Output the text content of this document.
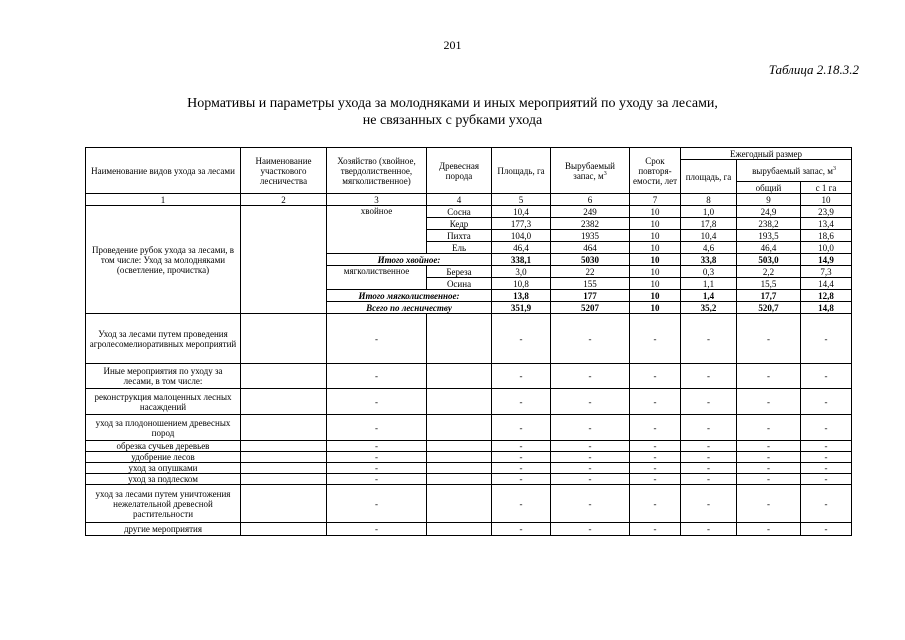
201
Таблица 2.18.3.2
Нормативы и параметры ухода за молодняками и иных мероприятий по уходу за лесами,
не связанных с рубками ухода
Наименование видов ухода за лесами	Наименование участкового лесничества	Хозяйство (хвойное, твердолиственное, мягколиственное)	Древесная порода	Площадь, га	Вырубаемый запас, $м^3$	Срок повторя-емости, лет	Ежегодный размер		
							площадь, га	вырубаемый запас, $м^3$
								общий	с 1 га
1	2	3	4	5	6	7	8	9	10
Проведение рубок ухода за лесами, в том числе: Уход за молодняками (осветление, прочистка)		хвойное	Сосна	10,4	249	10	1,0	24,9	23,9
			Кедр	177,3	2382	10	17,8	238,2	13,4
			Пихта	104,0	1935	10	10,4	193,5	18,6
			Ель	46,4	464	10	4,6	46,4	10,0
		Итого хвойное:		338,1	5030	10	33,8	503,0	14,9
		мягколиственное	Береза	3,0	22	10	0,3	2,2	7,3
			Осина	10,8	155	10	1,1	15,5	14,4
		Итого мягколиственное:		13,8	177	10	1,4	17,7	12,8
		Всего по лесничеству		351,9	5207	10	35,2	520,7	14,8
Уход за лесами путем проведения агролесомелиоративных мероприятий		-		-	-	-	-	-	-
Иные мероприятия по уходу за лесами, в том числе:		-		-	-	-	-	-	-
реконструкция малоценных лесных насаждений		-		-	-	-	-	-	-
уход за плодоношением древесных пород		-		-	-	-	-	-	-
обрезка сучьев деревьев		-		-	-	-	-	-	-
удобрение лесов		-		-	-	-	-	-	-
уход за опушками		-		-	-	-	-	-	-
уход за подлеском		-		-	-	-	-	-	-
уход за лесами путем уничтожения нежелательной древесной растительности		-		-	-	-	-	-	-
другие мероприятия		-		-	-	-	-	-	-
